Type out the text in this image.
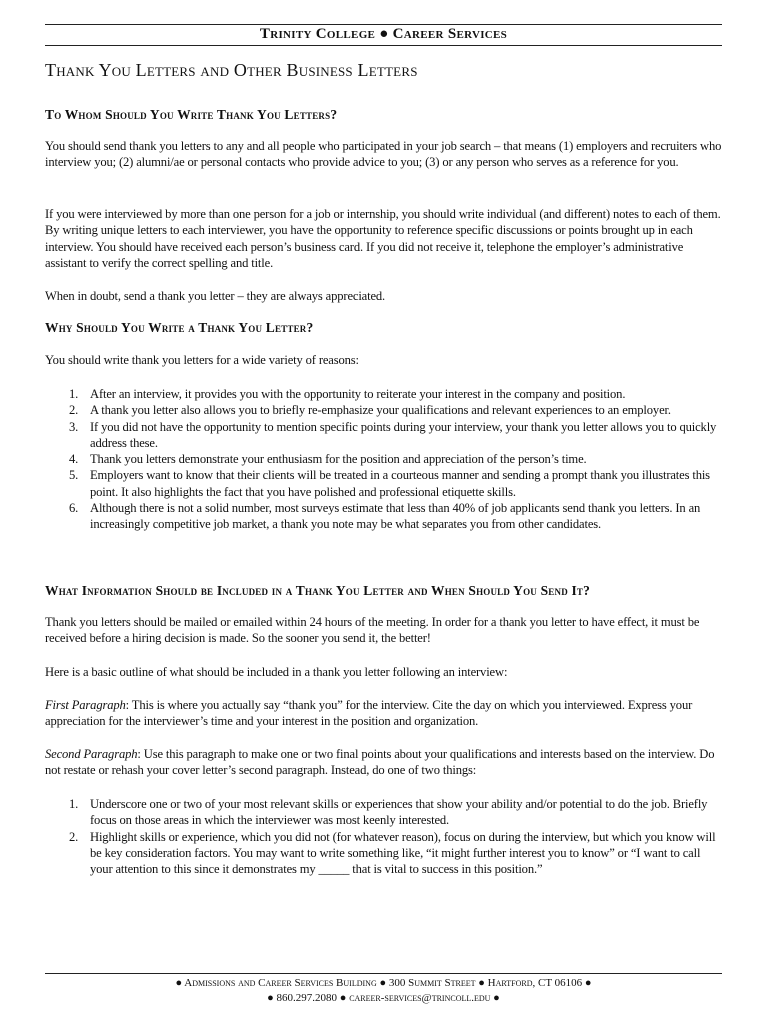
Trinity College ● Career Services
Thank You Letters and Other Business Letters
To Whom Should You Write Thank You Letters?

You should send thank you letters to any and all people who participated in your job search – that means (1) employers and recruiters who interview you; (2) alumni/ae or personal contacts who provide advice to you; (3) or any person who serves as a reference for you.

If you were interviewed by more than one person for a job or internship, you should write individual (and different) notes to each of them. By writing unique letters to each interviewer, you have the opportunity to reference specific discussions or points brought up in each interview. You should have received each person’s business card. If you did not receive it, telephone the employer’s administrative assistant to verify the correct spelling and title.

When in doubt, send a thank you letter – they are always appreciated.

Why Should You Write a Thank You Letter?

You should write thank you letters for a wide variety of reasons:

1. After an interview, it provides you with the opportunity to reiterate your interest in the company and position.
2. A thank you letter also allows you to briefly re-emphasize your qualifications and relevant experiences to an employer.
3. If you did not have the opportunity to mention specific points during your interview, your thank you letter allows you to quickly address these.
4. Thank you letters demonstrate your enthusiasm for the position and appreciation of the person’s time.
5. Employers want to know that their clients will be treated in a courteous manner and sending a prompt thank you illustrates this point. It also highlights the fact that you have polished and professional etiquette skills.
6. Although there is not a solid number, most surveys estimate that less than 40% of job applicants send thank you letters. In an increasingly competitive job market, a thank you note may be what separates you from other candidates.
What Information Should be Included in a Thank You Letter and When Should You Send It?

Thank you letters should be mailed or emailed within 24 hours of the meeting. In order for a thank you letter to have effect, it must be received before a hiring decision is made. So the sooner you send it, the better!

Here is a basic outline of what should be included in a thank you letter following an interview:

First Paragraph: This is where you actually say “thank you” for the interview. Cite the day on which you interviewed. Express your appreciation for the interviewer’s time and your interest in the position and organization.

Second Paragraph: Use this paragraph to make one or two final points about your qualifications and interests based on the interview. Do not restate or rehash your cover letter’s second paragraph. Instead, do one of two things:

1. Underscore one or two of your most relevant skills or experiences that show your ability and/or potential to do the job. Briefly focus on those areas in which the interviewer was most keenly interested.
2. Highlight skills or experience, which you did not (for whatever reason), focus on during the interview, but which you know will be key consideration factors. You may want to write something like, “it might further interest you to know” or “I want to call your attention to this since it demonstrates my _____ that is vital to success in this position.”
● Admissions and Career Services Building ● 300 Summit Street ● Hartford, CT 06106 ●
● 860.297.2080 ● career-services@trincoll.edu ●
